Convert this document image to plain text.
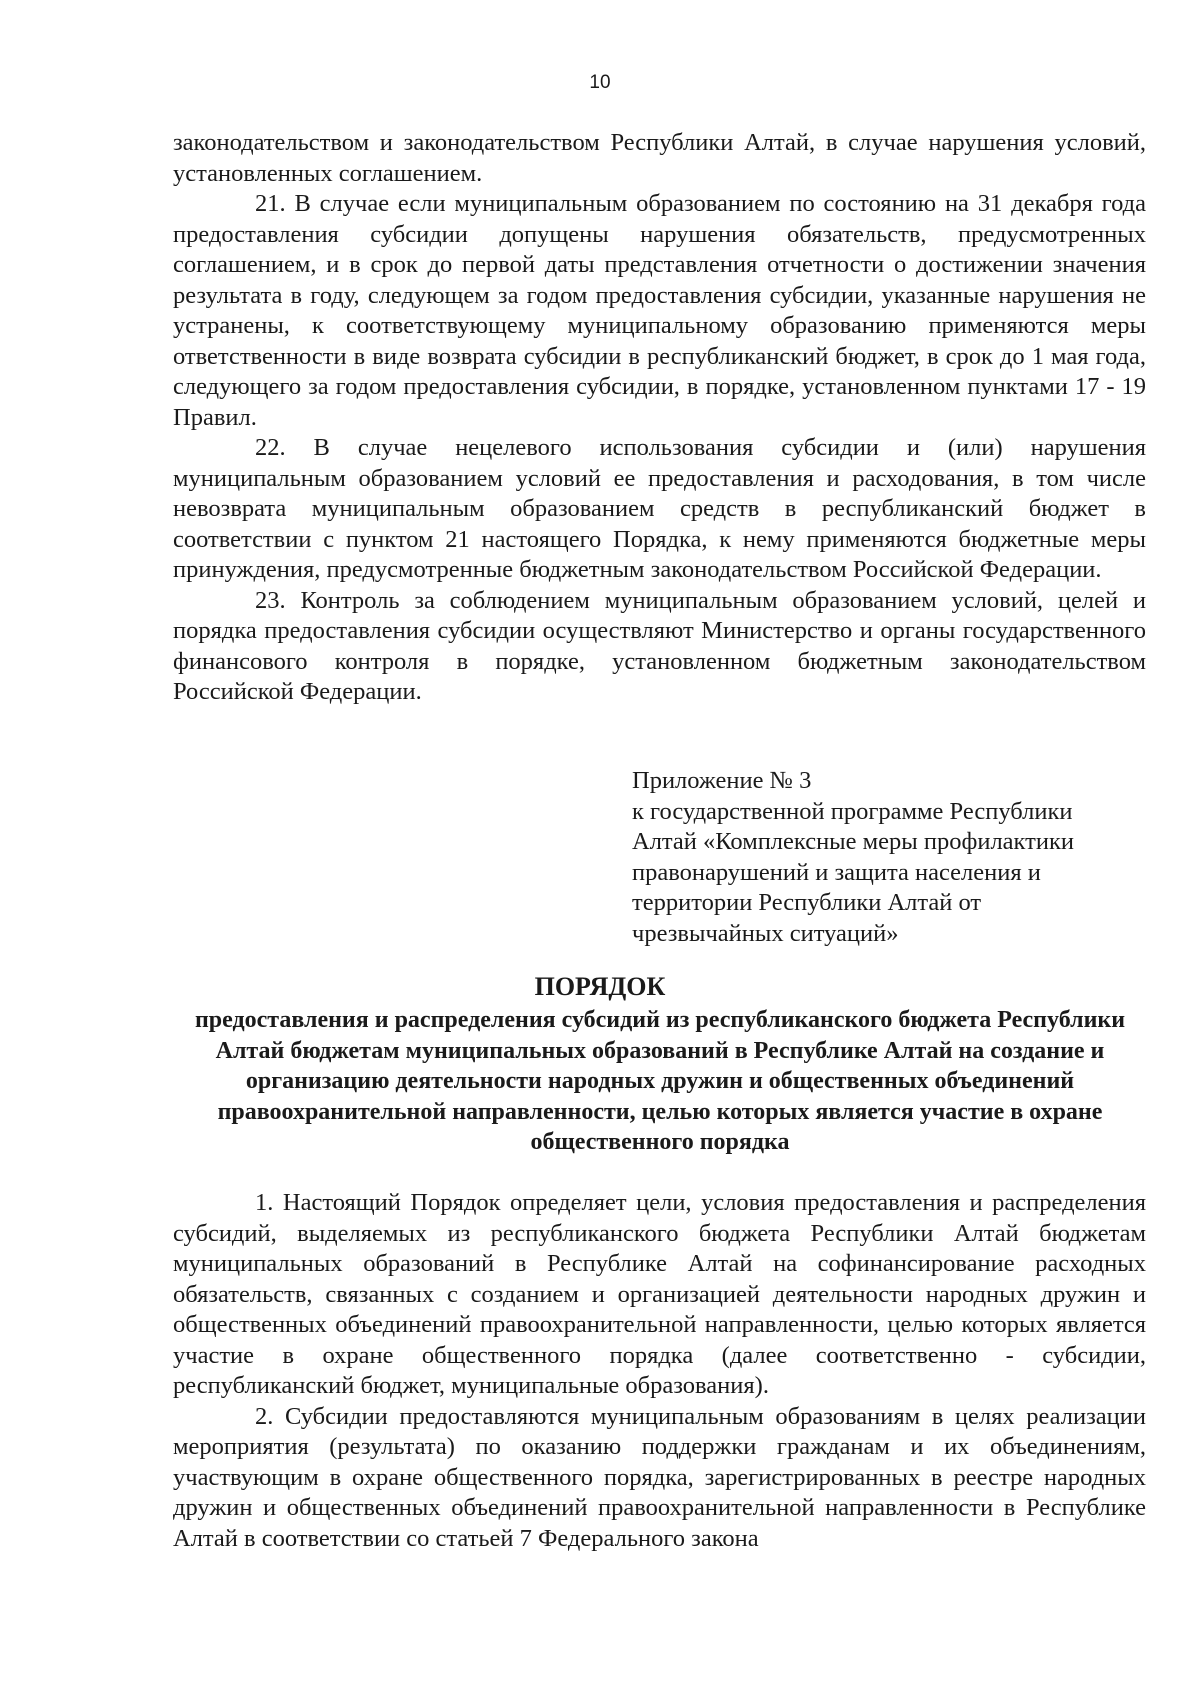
10

законодательством и законодательством Республики Алтай, в случае нарушения условий, установленных соглашением.

21. В случае если муниципальным образованием по состоянию на 31 декабря года предоставления субсидии допущены нарушения обязательств, предусмотренных соглашением, и в срок до первой даты представления отчетности о достижении значения результата в году, следующем за годом предоставления субсидии, указанные нарушения не устранены, к соответствующему муниципальному образованию применяются меры ответственности в виде возврата субсидии в республиканский бюджет, в срок до 1 мая года, следующего за годом предоставления субсидии, в порядке, установленном пунктами 17 - 19 Правил.

22. В случае нецелевого использования субсидии и (или) нарушения муниципальным образованием условий ее предоставления и расходования, в том числе невозврата муниципальным образованием средств в республиканский бюджет в соответствии с пунктом 21 настоящего Порядка, к нему применяются бюджетные меры принуждения, предусмотренные бюджетным законодательством Российской Федерации.

23. Контроль за соблюдением муниципальным образованием условий, целей и порядка предоставления субсидии осуществляют Министерство и органы государственного финансового контроля в порядке, установленном бюджетным законодательством Российской Федерации.

Приложение № 3
к государственной программе Республики
Алтай «Комплексные меры профилактики
правонарушений и защита населения и
территории Республики Алтай от
чрезвычайных ситуаций»
ПОРЯДОК
предоставления и распределения субсидий из республиканского бюджета Республики
Алтай бюджетам муниципальных образований в Республике Алтай на создание и
организацию деятельности народных дружин и общественных объединений
правоохранительной направленности, целью которых является участие в охране
общественного порядка

1. Настоящий Порядок определяет цели, условия предоставления и распределения субсидий, выделяемых из республиканского бюджета Республики Алтай бюджетам муниципальных образований в Республике Алтай на софинансирование расходных обязательств, связанных с созданием и организацией деятельности народных дружин и общественных объединений правоохранительной направленности, целью которых является участие в охране общественного порядка (далее соответственно - субсидии, республиканский бюджет, муниципальные образования).

2. Субсидии предоставляются муниципальным образованиям в целях реализации мероприятия (результата) по оказанию поддержки гражданам и их объединениям, участвующим в охране общественного порядка, зарегистрированных в реестре народных дружин и общественных объединений правоохранительной направленности в Республике Алтай в соответствии со статьей 7 Федерального закона
